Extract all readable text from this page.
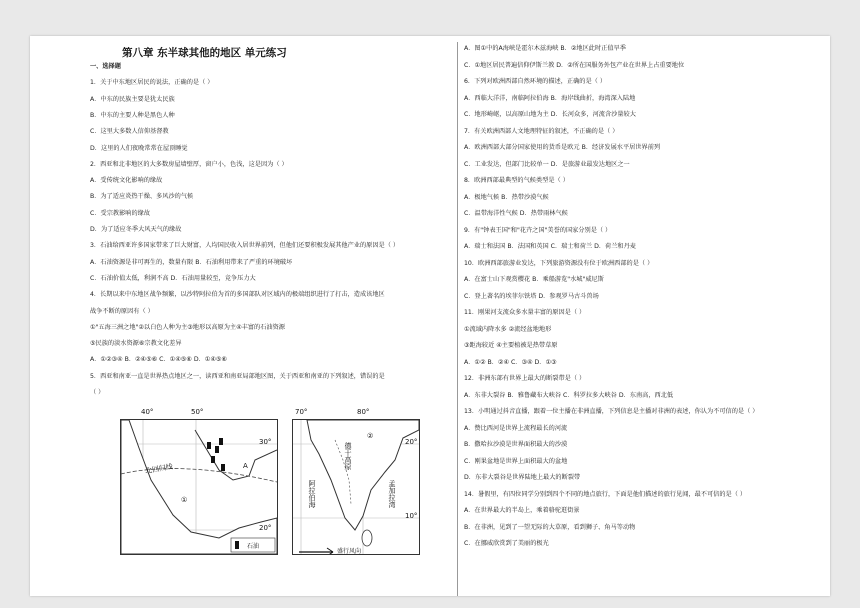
第八章 东半球其他的地区 单元练习
一、选择题
1．关于中东地区居民的说法，正确的是（ ）
A．中东的民族主要是犹太民族
B．中东的主要人种是黑色人种
C．这里大多数人信仰基督教
D．这里的人们夜晚常常在屋顶睡觉
2．西亚和北非地区的大多数房屋墙壁厚，窗户小，色浅，这是因为（ ）
A．受传统文化影响的缘故
B．为了适应炎热干燥、多风沙的气候
C．受宗教影响的缘故
D．为了适应冬季大风天气的缘故
3．石油给西亚许多国家带来了巨大财富，人均国民收入居世界前列，但他们还要积极发展其他产业的原因是（ ）
A．石油资源是非可再生的，数量有限 B．石油利用带来了严重的环境破坏
C．石油价值太低，利润不高 D．石油用量较至，竞争压力大
4．长期以来中东地区战争频繁，以沙特阿拉伯为首的多国部队对区域内的极端组织进行了打击，造成该地区
战争不断的原因有（ ）
①"五海三洲之地"②以白色人种为主③地形以高原为主④丰富的石油资源
⑤民族的淡水资源⑥宗教文化差异
A．①②③④ B．②④⑤⑥ C．①④⑤⑥ D．①④⑤⑥
5．西亚和南亚一直是世界热点地区之一，读西亚和南亚局部地区图，关于西亚和南亚的下列叙述，错误的是
（ ）
A．图①中的A海峡是霍尔木兹海峡 B．②地区此时正值旱季
C．①地区居民普遍信仰伊斯兰教 D．②所在国服务外包产业在世界上占重要地位
6．下列对欧洲西部自然环境的描述，正确的是（ ）
A．西临大洋洋，南临阿拉伯海 B．海岸线曲折，海湾深入陆地
C．地形崎岖，以高原山地为主 D．长河众多，河流含沙量较大
7．有关欧洲西部人文地理特征的叙述，不正确的是（ ）
A．欧洲西部大部分国家使用的货币是欧元 B．经济发展水平居世界前列
C．工业发达，但部门比较单一 D．是旅游业最发达地区之一
8．欧洲西部最典型的气候类型是（ ）
A．极地气候 B．热带沙漠气候
C．温带海洋性气候 D．热带雨林气候
9．有"钟表王国"和"花卉之国"美誉的国家分别是（ ）
A．瑞士和法国 B．法国和英国 C．瑞士和荷兰 D．荷兰和丹麦
10．欧洲西部旅游业发达，下列旅游资源没有位于欧洲西部的是（ ）
A．在富士山下观赏樱花 B．乘船游览"水城"威尼斯
C．登上著名的埃菲尔铁塔 D．参观罗马古斗兽场
11．刚果河支流众多水量丰富的原因是（ ）
①流域内降水多 ②流经盆地地形
③距海较近 ④主要植被是热带草原
A．①② B．②④ C．③④ D．①③
12．非洲东部有世界上最大的断裂带是（ ）
A．东非大裂谷 B．雅鲁藏布大峡谷 C．科罗拉多大峡谷 D．东南高，西北低
13．小明通过抖音直播，跟着一位主播在非洲直播，下列信息是主播对非洲的表述，你认为不可信的是（ ）
A．赞比西河是世界上流程最长的河流
B．撒哈拉沙漠是世界面积最大的沙漠
C．刚果盆地是世界上面积最大的盆地
D．东非大裂谷是世界陆地上最大的断裂带
14．暑假里，有四位同学分别到四个不同的地点旅行，下面是他们描述的旅行见闻，最不可信的是（ ）
A．在世界最大的半岛上，乘着骆驼逛街景
B．在非洲，见到了一望无际的大草原，看到狮子、角马等动物
C．在挪威欣赏到了美丽的极光
40°	50°
30°
20°
北回归线
①
A
石油
70°	80°
20°
10°
②
阿拉伯海
德干高原
孟加拉湾
盛行风向
